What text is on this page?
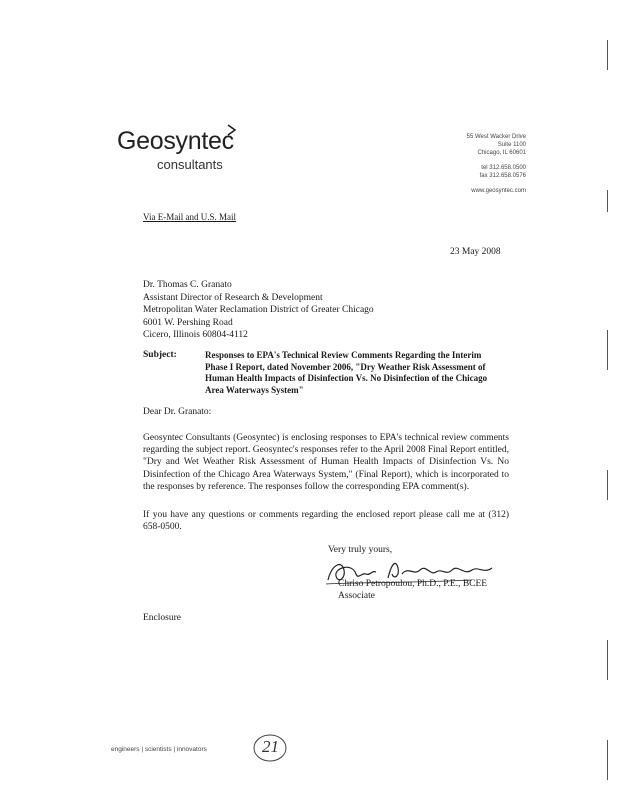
Geosyntec
consultants
55 West Wacker Drive
Suite 1100
Chicago, IL 60601
tel 312.658.0500
fax 312.658.0576
www.geosyntec.com
Via E-Mail and U.S. Mail
23 May 2008
Dr. Thomas C. Granato
Assistant Director of Research & Development
Metropolitan Water Reclamation District of Greater Chicago
6001 W. Pershing Road
Cicero, Illinois 60804-4112
Subject:	Responses to EPA's Technical Review Comments Regarding the Interim Phase I Report, dated November 2006, "Dry Weather Risk Assessment of Human Health Impacts of Disinfection Vs. No Disinfection of the Chicago Area Waterways System"
Dear Dr. Granato:
Geosyntec Consultants (Geosyntec) is enclosing responses to EPA's technical review comments regarding the subject report. Geosyntec's responses refer to the April 2008 Final Report entitled, "Dry and Wet Weather Risk Assessment of Human Health Impacts of Disinfection Vs. No Disinfection of the Chicago Area Waterways System," (Final Report), which is incorporated to the responses by reference. The responses follow the corresponding EPA comment(s).
If you have any questions or comments regarding the enclosed report please call me at (312) 658-0500.
Very truly yours,
Chriso Petropoulou, Ph.D., P.E., BCEE
Associate
Enclosure
engineers | scientists | innovators	21
